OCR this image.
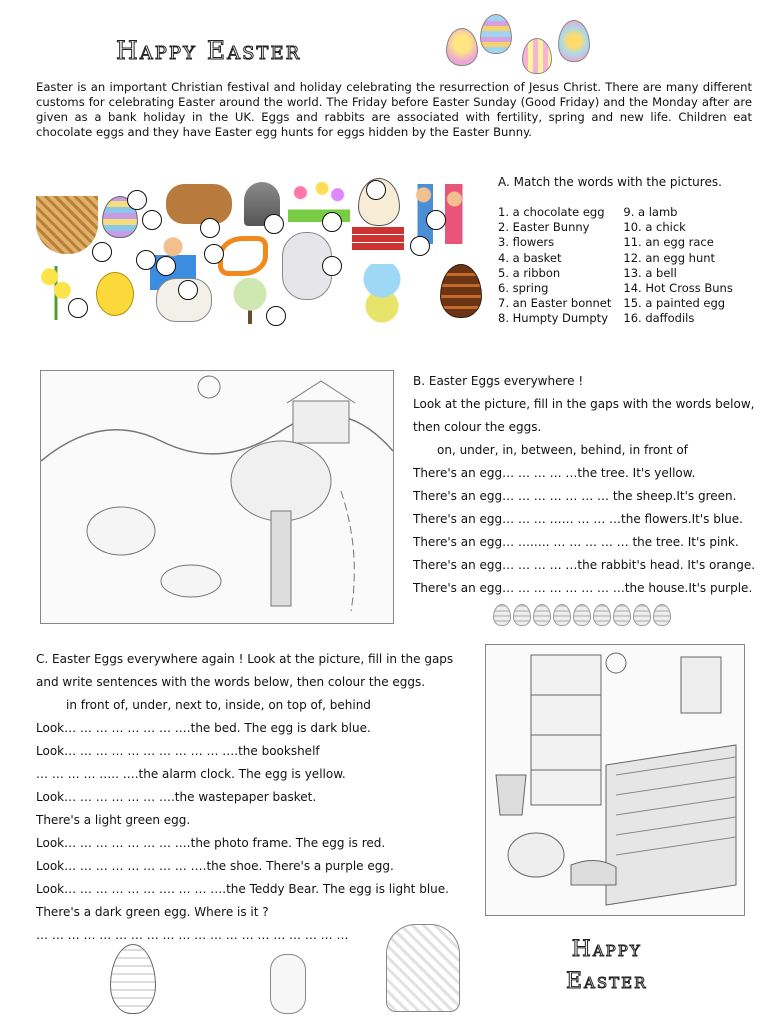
Happy Easter
Easter is an important Christian festival and holiday celebrating the resurrection of Jesus Christ. There are many different customs for celebrating Easter around the world. The Friday before Easter Sunday (Good Friday) and the Monday after are given as a bank holiday in the UK. Eggs and rabbits are associated with fertility, spring and new life. Children eat chocolate eggs and they have Easter egg hunts for eggs hidden by the Easter Bunny.
A. Match the words with the pictures.
1. a chocolate egg
2. Easter Bunny
3. flowers
4. a basket
5. a ribbon
6. spring
7. an Easter bonnet
8. Humpty Dumpty
9. a lamb
10. a chick
11. an egg race
12. an egg hunt
13. a bell
14. Hot Cross Buns
15. a painted egg
16. daffodils
B. Easter Eggs everywhere !
Look at the picture, fill in the gaps with the words below, then colour the eggs.
on, under, in, between, behind, in front of
There's an egg… … … … …the tree. It's yellow.
There's an egg… … … … … … … the sheep.It's green.
There's an egg… … … …… … … …the flowers.It's blue.
There's an egg… ….…. … … … … … the tree. It's pink.
There's an egg… … … … …the rabbit's head. It's orange.
There's an egg… … … … … … … …the house.It's purple.
C. Easter Eggs everywhere again ! Look at the picture, fill in the gaps and write sentences with the words below, then colour the eggs.
in front of, under, next to, inside, on top of, behind
Look… … … … … … … ….the bed. The egg is dark blue.
Look… … … … … … … … … … ….the bookshelf
… … … … ….. ….the alarm clock. The egg is yellow.
Look… … … … … … ….the wastepaper basket.
There's a light green egg.
Look… … … … … … … ….the photo frame. The egg is red.
Look… … … … … … … … ….the shoe. There's a purple egg.
Look… … … … … … …. … … ….the Teddy Bear. The egg is light blue.
There's a dark green egg. Where is it ?
… … … … … … … … … … … … … … … … … … … …
Happy
Easter
